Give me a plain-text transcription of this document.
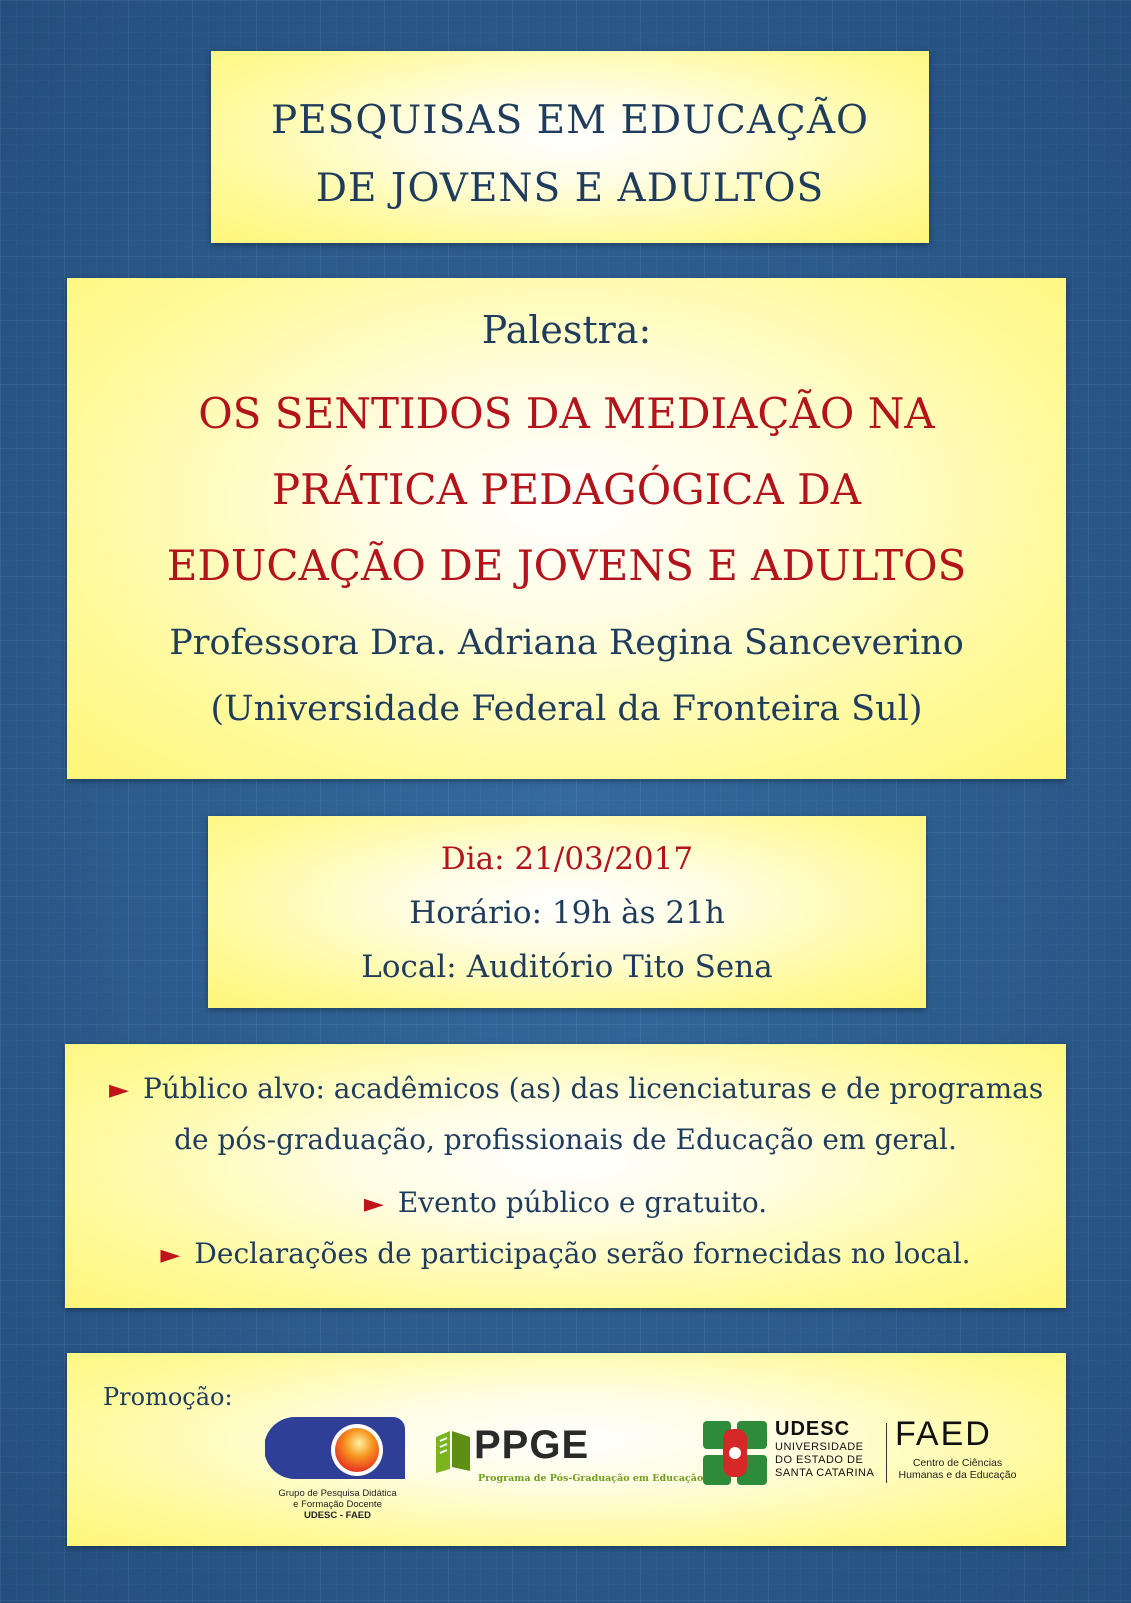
PESQUISAS EM EDUCAÇÃO
DE JOVENS E ADULTOS
Palestra:
OS SENTIDOS DA MEDIAÇÃO NA
PRÁTICA PEDAGÓGICA DA
EDUCAÇÃO DE JOVENS E ADULTOS
Professora Dra. Adriana Regina Sanceverino
(Universidade Federal da Fronteira Sul)
Dia: 21/03/2017
Horário: 19h às 21h
Local: Auditório Tito Sena
► Público alvo: acadêmicos (as) das licenciaturas e de programas
de pós-graduação, profissionais de Educação em geral.
► Evento público e gratuito.
► Declarações de participação serão fornecidas no local.
Promoção:
Grupo de Pesquisa Didática
e Formação Docente
UDESC - FAED
PPGE
Programa de Pós-Graduação em Educação
UDESC
UNIVERSIDADE
DO ESTADO DE
SANTA CATARINA
FAED
Centro de Ciências
Humanas e da Educação
